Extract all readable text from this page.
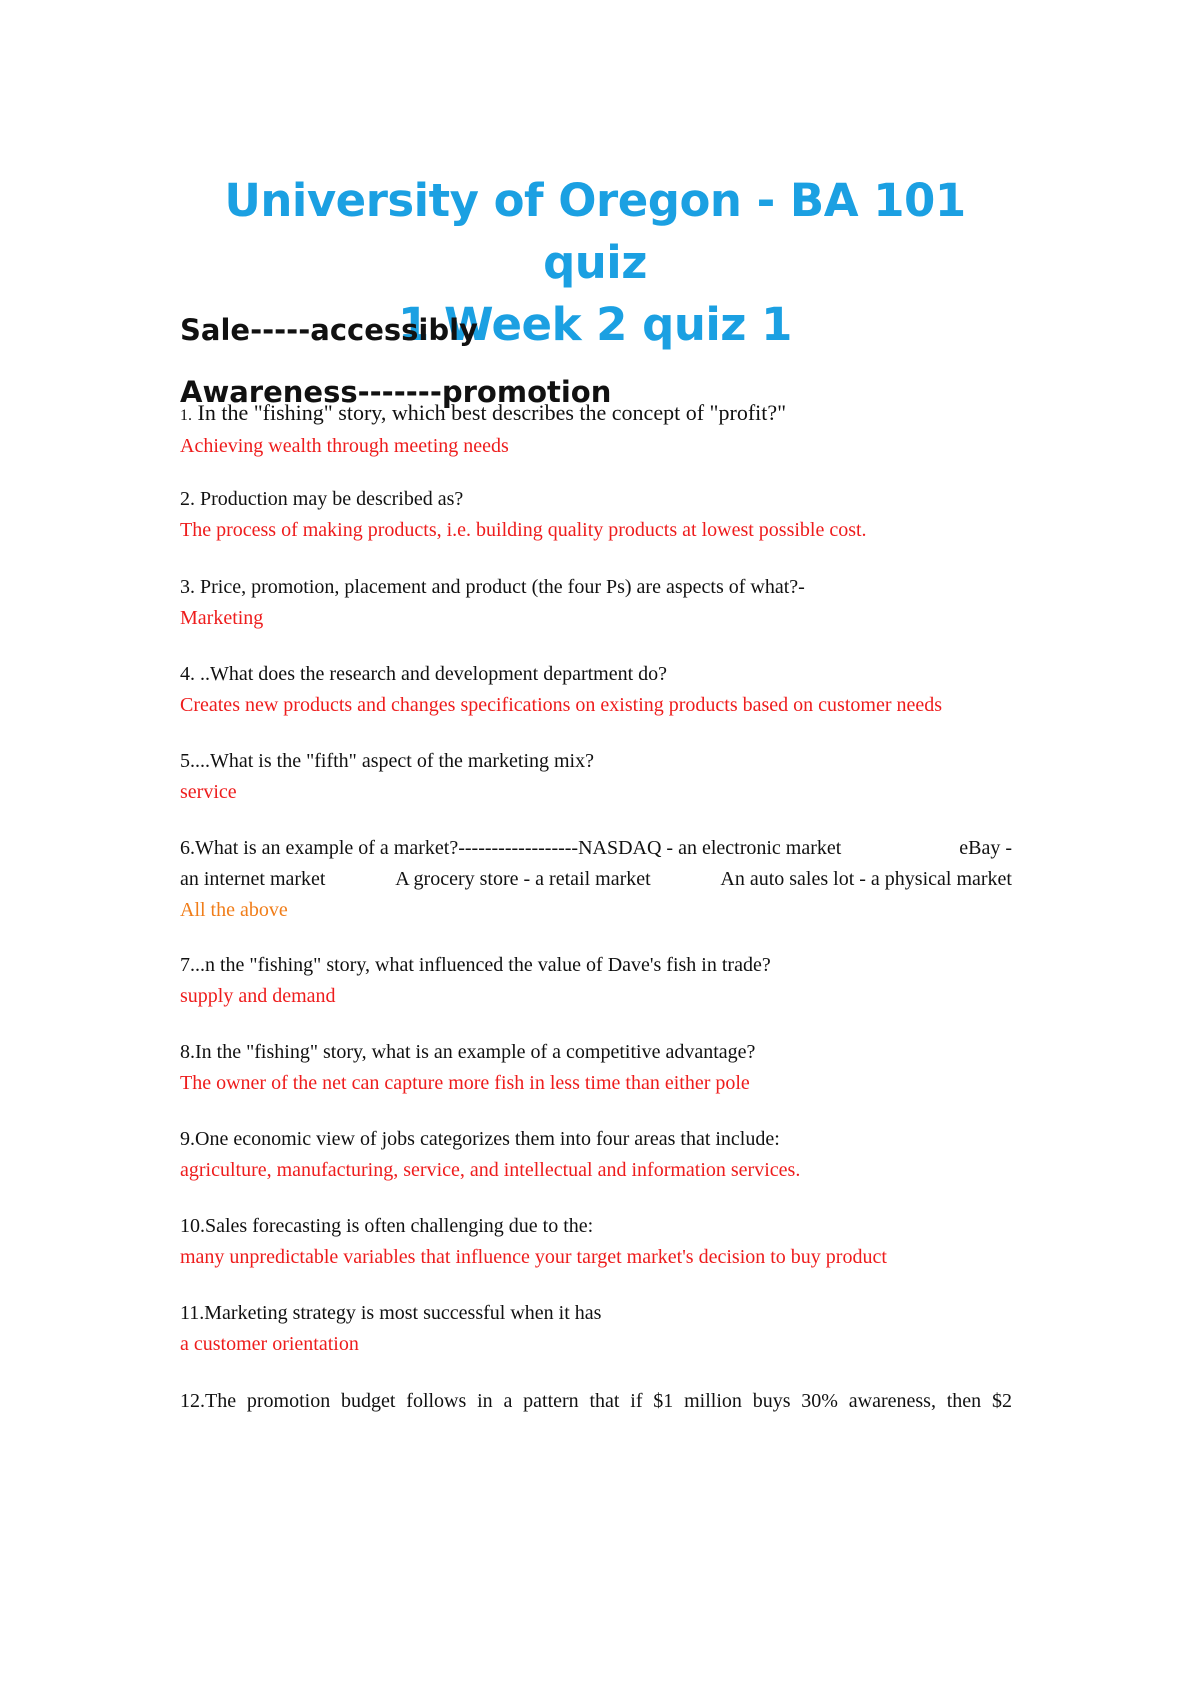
University of Oregon - BA 101 quiz
1 Week 2 quiz 1
Sale-----accessibly
Awareness-------promotion
1. In the "fishing" story, which best describes the concept of "profit?"
Achieving wealth through meeting needs
2. Production may be described as?
The process of making products, i.e. building quality products at lowest possible cost.
3. Price, promotion, placement and product (the four Ps) are aspects of what?-
Marketing
4. ..What does the research and development department do?
Creates new products and changes specifications on existing products based on customer needs
5....What is the "fifth" aspect of the marketing mix?
service
6.What is an example of a market?------------------NASDAQ - an electronic market	eBay -
an internet market	A grocery store - a retail market	An auto sales lot - a physical market
All the above
7...n the "fishing" story, what influenced the value of Dave's fish in trade?
supply and demand
8.In the "fishing" story, what is an example of a competitive advantage?
The owner of the net can capture more fish in less time than either pole
9.One economic view of jobs categorizes them into four areas that include:
agriculture, manufacturing, service, and intellectual and information services.
10.Sales forecasting is often challenging due to the:
many unpredictable variables that influence your target market's decision to buy product
11.Marketing strategy is most successful when it has
a customer orientation
12.The promotion budget follows in a pattern that if $1 million buys 30% awareness, then $2
